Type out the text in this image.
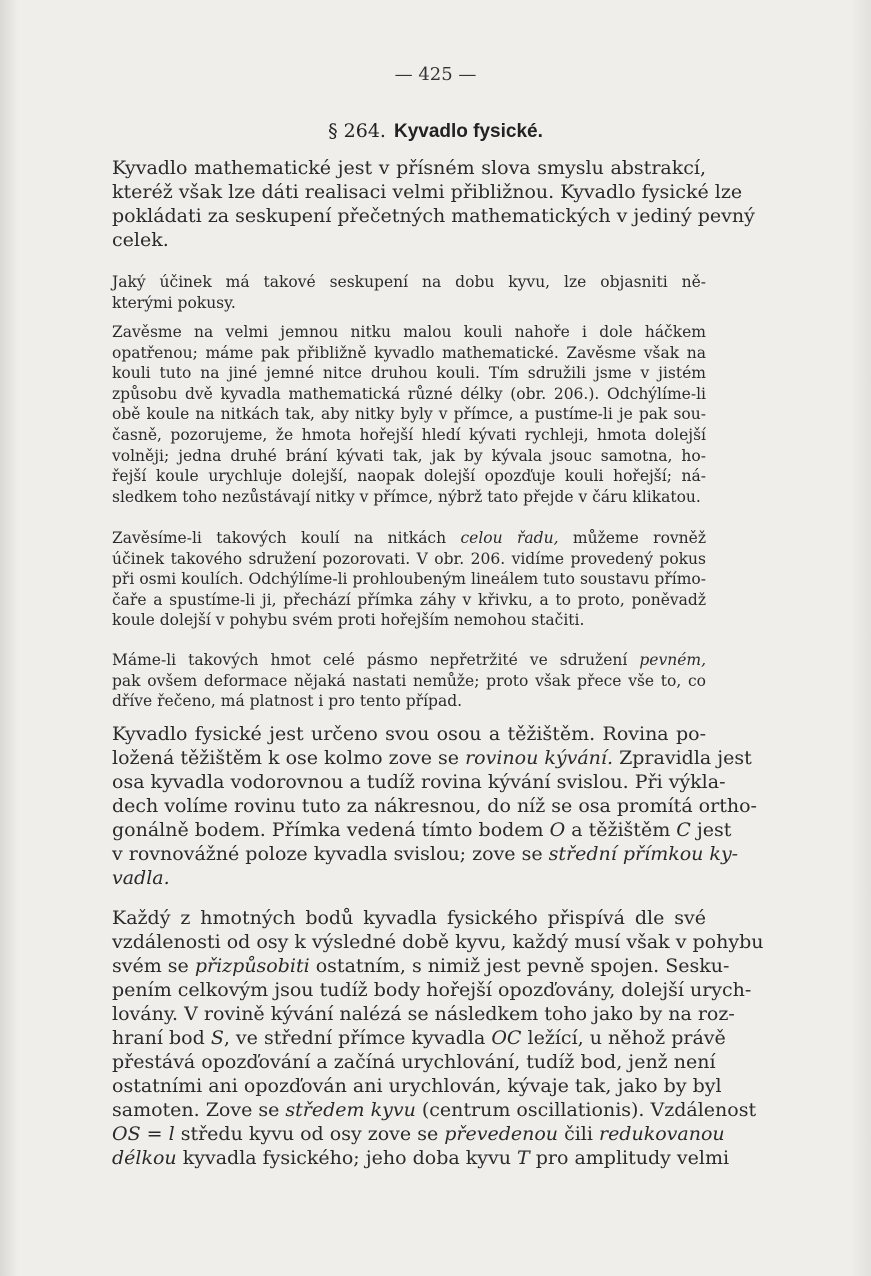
— 425 —
§ 264. Kyvadlo fysické.
Kyvadlo mathematické jest v přísném slova smyslu abstrakcí,
kteréž však lze dáti realisaci velmi přibližnou. Kyvadlo fysické lze
pokládati za seskupení přečetných mathematických v jediný pevný
celek.
Jaký účinek má takové seskupení na dobu kyvu, lze objasniti ně-
kterými pokusy.
Zavěsme na velmi jemnou nitku malou kouli nahoře i dole háčkem
opatřenou; máme pak přibližně kyvadlo mathematické. Zavěsme však na
kouli tuto na jiné jemné nitce druhou kouli. Tím sdružili jsme v jistém
způsobu dvě kyvadla mathematická různé délky (obr. 206.). Odchýlíme-li
obě koule na nitkách tak, aby nitky byly v přímce, a pustíme-li je pak sou-
časně, pozorujeme, že hmota hořejší hledí kývati rychleji, hmota dolejší
volněji; jedna druhé brání kývati tak, jak by kývala jsouc samotna, ho-
řejší koule urychluje dolejší, naopak dolejší opozďuje kouli hořejší; ná-
sledkem toho nezůstávají nitky v přímce, nýbrž tato přejde v čáru klikatou.
Zavěsíme-li takových koulí na nitkách celou řadu, můžeme rovněž
účinek takového sdružení pozorovati. V obr. 206. vidíme provedený pokus
při osmi koulích. Odchýlíme-li prohloubeným lineálem tuto soustavu přímo-
čaře a spustíme-li ji, přechází přímka záhy v křivku, a to proto, poněvadž
koule dolejší v pohybu svém proti hořejším nemohou stačiti.
Máme-li takových hmot celé pásmo nepřetržité ve sdružení pevném,
pak ovšem deformace nějaká nastati nemůže; proto však přece vše to, co
dříve řečeno, má platnost i pro tento případ.
Kyvadlo fysické jest určeno svou osou a těžištěm. Rovina po-
ložená těžištěm k ose kolmo zove se rovinou kývání. Zpravidla jest
osa kyvadla vodorovnou a tudíž rovina kývání svislou. Při výkla-
dech volíme rovinu tuto za nákresnou, do níž se osa promítá ortho-
gonálně bodem. Přímka vedená tímto bodem O a těžištěm C jest
v rovnovážné poloze kyvadla svislou; zove se střední přímkou ky-
vadla.
Každý z hmotných bodů kyvadla fysického přispívá dle své
vzdálenosti od osy k výsledné době kyvu, každý musí však v pohybu
svém se přizpůsobiti ostatním, s nimiž jest pevně spojen. Sesku-
pením celkovým jsou tudíž body hořejší opozďovány, dolejší urych-
lovány. V rovině kývání nalézá se následkem toho jako by na roz-
hraní bod S, ve střední přímce kyvadla OC ležící, u něhož právě
přestává opozďování a začíná urychlování, tudíž bod, jenž není
ostatními ani opozďován ani urychlován, kývaje tak, jako by byl
samoten. Zove se středem kyvu (centrum oscillationis). Vzdálenost
OS = l středu kyvu od osy zove se převedenou čili redukovanou
délkou kyvadla fysického; jeho doba kyvu T pro amplitudy velmi
